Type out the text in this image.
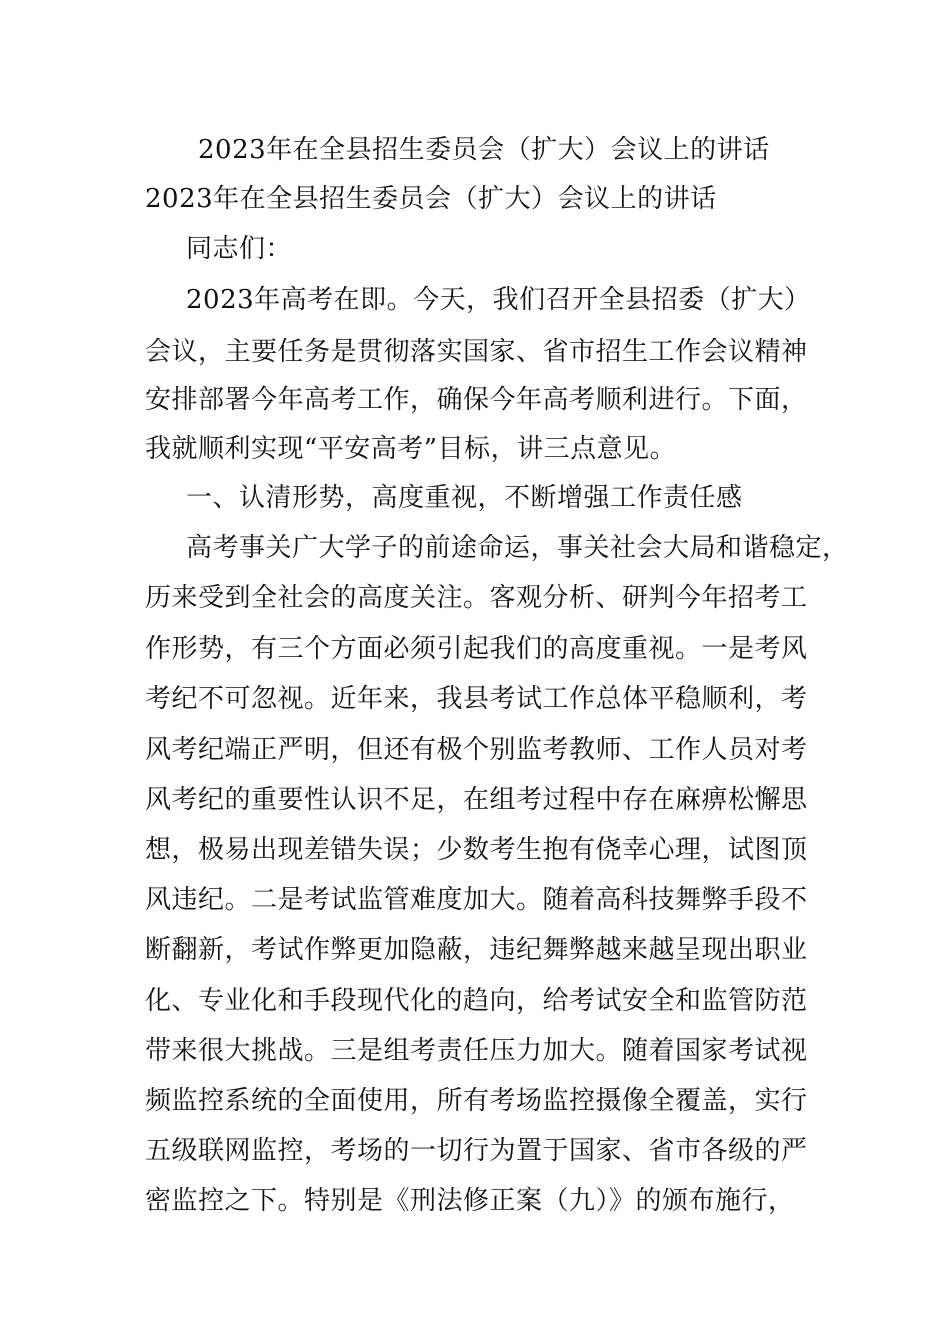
2023年在全县招生委员会（扩大）会议上的讲话
2023年在全县招生委员会（扩大）会议上的讲话
同志们：
2023年高考在即。今天，我们召开全县招委（扩大）
会议，主要任务是贯彻落实国家、省市招生工作会议精神
安排部署今年高考工作，确保今年高考顺利进行。下面，
我就顺利实现“平安高考”目标，讲三点意见。
一、认清形势，高度重视，不断增强工作责任感
高考事关广大学子的前途命运，事关社会大局和谐稳定，
历来受到全社会的高度关注。客观分析、研判今年招考工
作形势，有三个方面必须引起我们的高度重视。一是考风
考纪不可忽视。近年来，我县考试工作总体平稳顺利，考
风考纪端正严明，但还有极个别监考教师、工作人员对考
风考纪的重要性认识不足，在组考过程中存在麻痹松懈思
想，极易出现差错失误；少数考生抱有侥幸心理，试图顶
风违纪。二是考试监管难度加大。随着高科技舞弊手段不
断翻新，考试作弊更加隐蔽，违纪舞弊越来越呈现出职业
化、专业化和手段现代化的趋向，给考试安全和监管防范
带来很大挑战。三是组考责任压力加大。随着国家考试视
频监控系统的全面使用，所有考场监控摄像全覆盖，实行
五级联网监控，考场的一切行为置于国家、省市各级的严
密监控之下。特别是《刑法修正案（九）》的颁布施行，
